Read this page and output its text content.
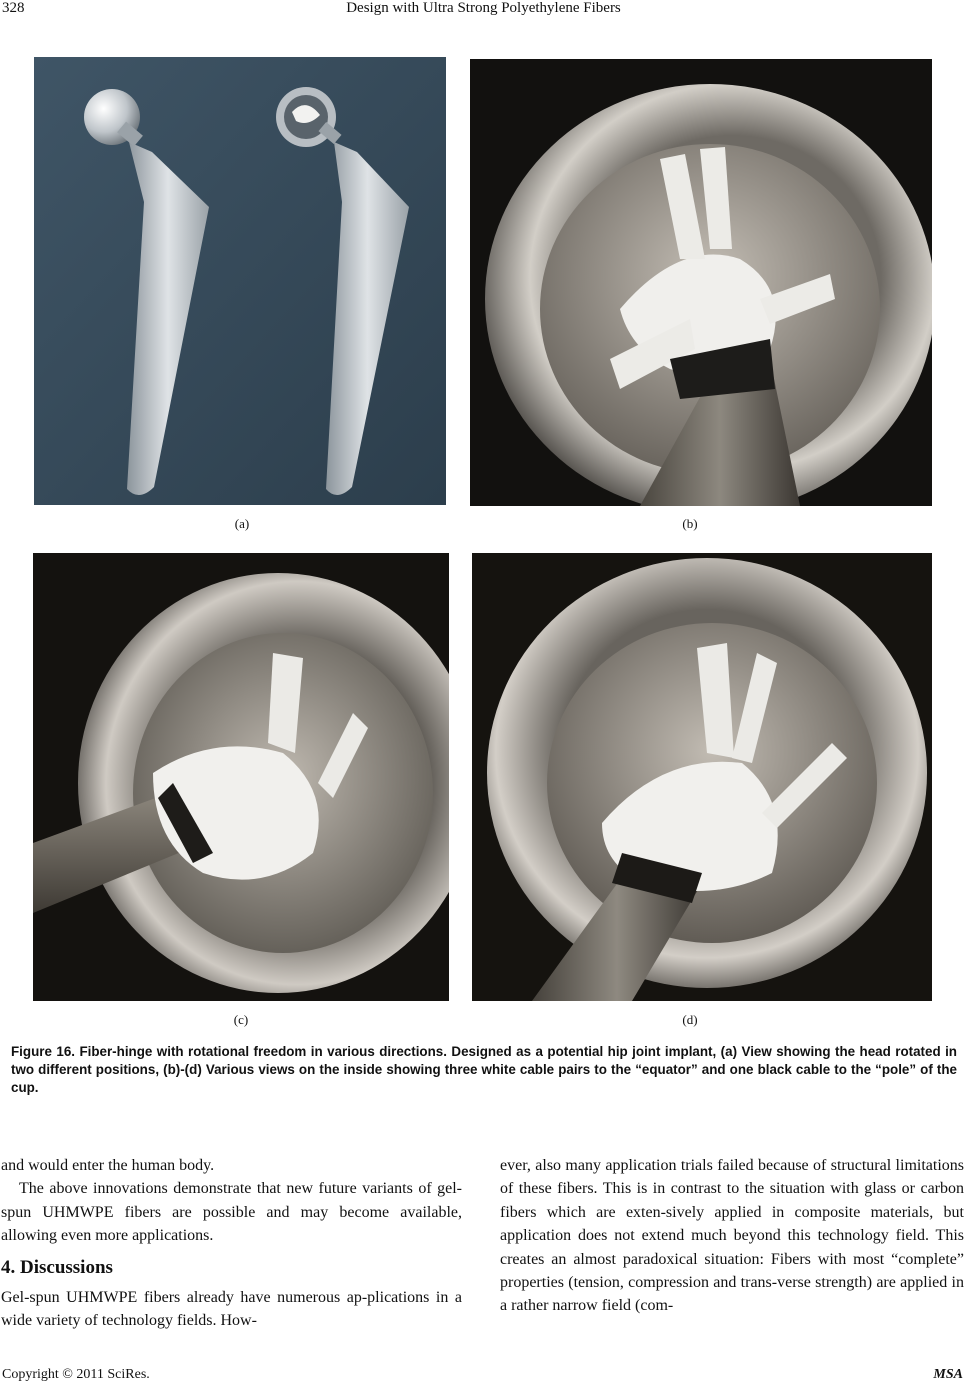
328	Design with Ultra Strong Polyethylene Fibers
(a)	(b)
(c)	(d)
Figure 16. Fiber-hinge with rotational freedom in various directions. Designed as a potential hip joint implant, (a) View showing the head rotated in two different positions, (b)-(d) Various views on the inside showing three white cable pairs to the “equator” and one black cable to the “pole” of the cup.

and would enter the human body.

The above innovations demonstrate that new future variants of gel-spun UHMWPE fibers are possible and may become available, allowing even more applications.

4. Discussions

Gel-spun UHMWPE fibers already have numerous ap-plications in a wide variety of technology fields. How-

ever, also many application trials failed because of structural limitations of these fibers. This is in contrast to the situation with glass or carbon fibers which are exten-sively applied in composite materials, but application does not extend much beyond this technology field. This creates an almost paradoxical situation: Fibers with most “complete” properties (tension, compression and trans-verse strength) are applied in a rather narrow field (com-

Copyright © 2011 SciRes.	MSA
